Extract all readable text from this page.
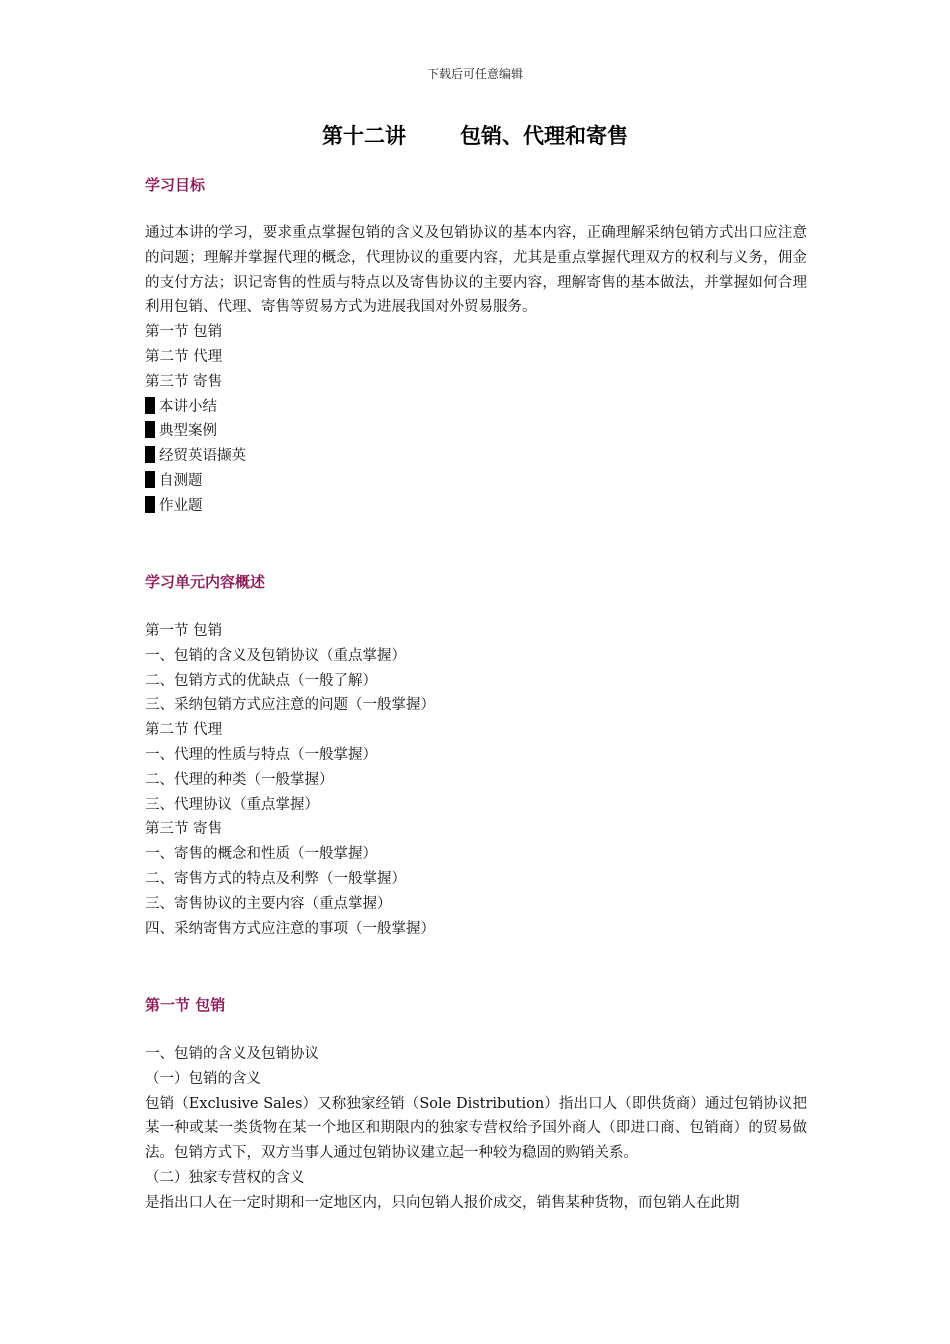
下载后可任意编辑
第十二讲	包销、代理和寄售
学习目标
通过本讲的学习，要求重点掌握包销的含义及包销协议的基本内容，正确理解采纳包销方式出口应注意的问题；理解并掌握代理的概念，代理协议的重要内容，尤其是重点掌握代理双方的权利与义务，佣金的支付方法；识记寄售的性质与特点以及寄售协议的主要内容，理解寄售的基本做法，并掌握如何合理利用包销、代理、寄售等贸易方式为进展我国对外贸易服务。
第一节 包销
第二节 代理
第三节 寄售
本讲小结
典型案例
经贸英语撷英
自测题
作业题
学习单元内容概述
第一节 包销
一、包销的含义及包销协议（重点掌握）
二、包销方式的优缺点（一般了解）
三、采纳包销方式应注意的问题（一般掌握）
第二节 代理
一、代理的性质与特点（一般掌握）
二、代理的种类（一般掌握）
三、代理协议（重点掌握）
第三节 寄售
一、寄售的概念和性质（一般掌握）
二、寄售方式的特点及利弊（一般掌握）
三、寄售协议的主要内容（重点掌握）
四、采纳寄售方式应注意的事项（一般掌握）
第一节 包销
一、包销的含义及包销协议
（一）包销的含义
包销（Exclusive Sales）又称独家经销（Sole Distribution）指出口人（即供货商）通过包销协议把某一种或某一类货物在某一个地区和期限内的独家专营权给予国外商人（即进口商、包销商）的贸易做法。包销方式下，双方当事人通过包销协议建立起一种较为稳固的购销关系。
（二）独家专营权的含义
是指出口人在一定时期和一定地区内，只向包销人报价成交，销售某种货物，而包销人在此期
